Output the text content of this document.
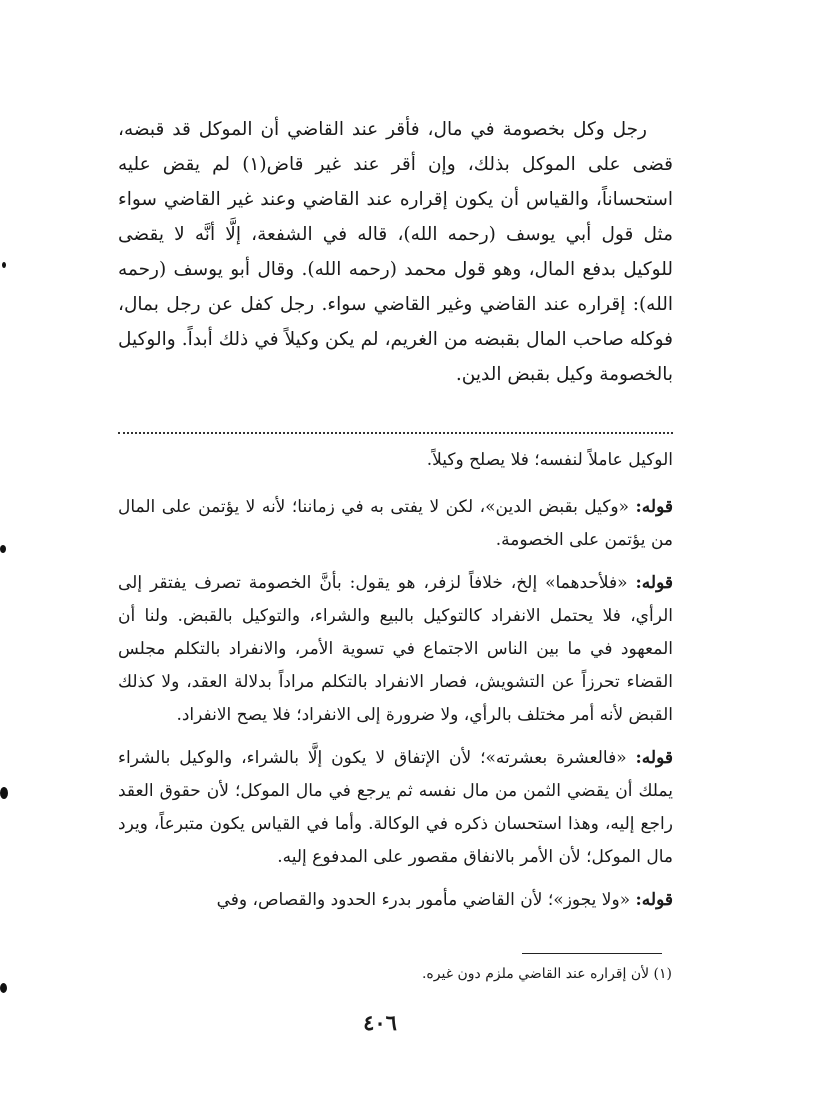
رجل وكل بخصومة في مال، فأقر عند القاضي أن الموكل قد قبضه، قضى على الموكل بذلك، وإن أقر عند غير قاض(١) لم يقض عليه استحساناً، والقياس أن يكون إقراره عند القاضي وعند غير القاضي سواء مثل قول أبي يوسف (رحمه الله)، قاله في الشفعة، إلَّا أنَّه لا يقضى للوكيل بدفع المال، وهو قول محمد (رحمه الله). وقال أبو يوسف (رحمه الله): إقراره عند القاضي وغير القاضي سواء. رجل كفل عن رجل بمال، فوكله صاحب المال بقبضه من الغريم، لم يكن وكيلاً في ذلك أبداً. والوكيل بالخصومة وكيل بقبض الدين.

الوكيل عاملاً لنفسه؛ فلا يصلح وكيلاً.

قوله: «وكيل بقبض الدين»، لكن لا يفتى به في زماننا؛ لأنه لا يؤتمن على المال من يؤتمن على الخصومة.

قوله: «فلأحدهما» إلخ، خلافاً لزفر، هو يقول: بأنَّ الخصومة تصرف يفتقر إلى الرأي، فلا يحتمل الانفراد كالتوكيل بالبيع والشراء، والتوكيل بالقبض. ولنا أن المعهود في ما بين الناس الاجتماع في تسوية الأمر، والانفراد بالتكلم مجلس القضاء تحرزاً عن التشويش، فصار الانفراد بالتكلم مراداً بدلالة العقد، ولا كذلك القبض لأنه أمر مختلف بالرأي، ولا ضرورة إلى الانفراد؛ فلا يصح الانفراد.

قوله: «فالعشرة بعشرته»؛ لأن الإتفاق لا يكون إلَّا بالشراء، والوكيل بالشراء يملك أن يقضي الثمن من مال نفسه ثم يرجع في مال الموكل؛ لأن حقوق العقد راجع إليه، وهذا استحسان ذكره في الوكالة. وأما في القياس يكون متبرعاً، ويرد مال الموكل؛ لأن الأمر بالانفاق مقصور على المدفوع إليه.

قوله: «ولا يجوز»؛ لأن القاضي مأمور بدرء الحدود والقصاص، وفي

(١) لأن إقراره عند القاضي ملزم دون غيره.
٤٠٦
